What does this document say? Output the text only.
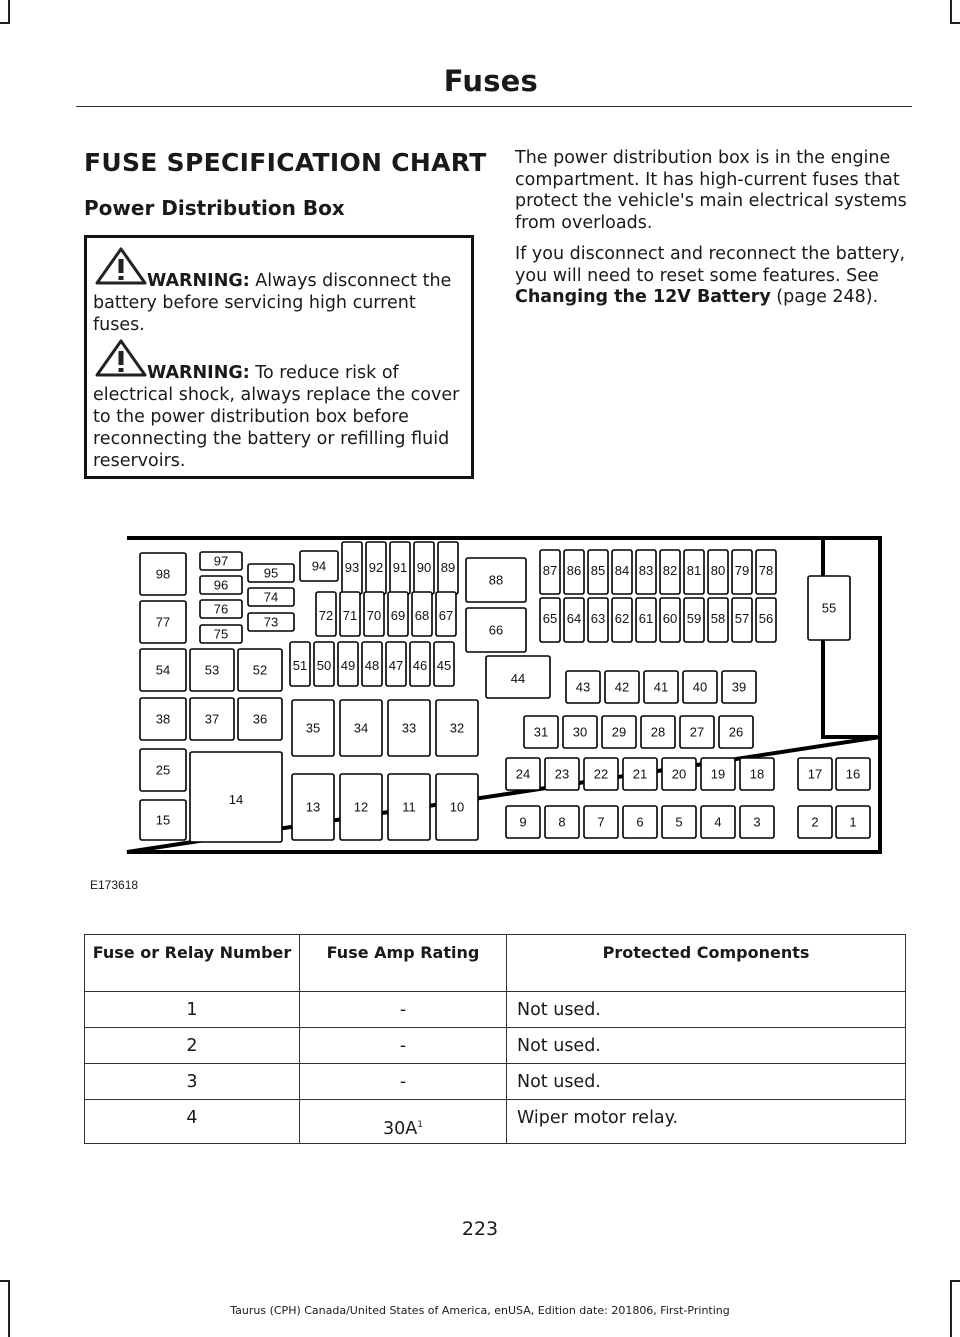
Fuses
FUSE SPECIFICATION CHART
Power Distribution Box

WARNING: Always disconnect the battery before servicing high current fuses.

WARNING: To reduce risk of electrical shock, always replace the cover to the power distribution box before reconnecting the battery or refilling fluid reservoirs.

The power distribution box is in the engine compartment. It has high-current fuses that protect the vehicle's main electrical systems from overloads.

If you disconnect and reconnect the battery, you will need to reset some features. See Changing the 12V Battery (page 248).

98
77
54
38
25
15
53
37
52
36
14
97
96
76
75
95
74
73
94 93 92 91 90 89
72 71 70 69 68 67
51 50 49 48 47 46 45
88
66
44
35	34	33	32
13	12	11	10
87 86 85 84 83 82 81 80 79 78
65 64 63 62 61 60 59 58 57 56
55
43 42 41 40 39
31 30 29 28 27 26
24 23 22 21 20 19 18
9 8 7 6 5 4 3
17 16
2 1
E173618
Fuse or Relay Number	Fuse Amp Rating	Protected Components
1	-	Not used.
2	-	Not used.
3	-	Not used.
4	$30A^1$	Wiper motor relay.
223
Taurus (CPH) Canada/United States of America, enUSA, Edition date: 201806, First-Printing
